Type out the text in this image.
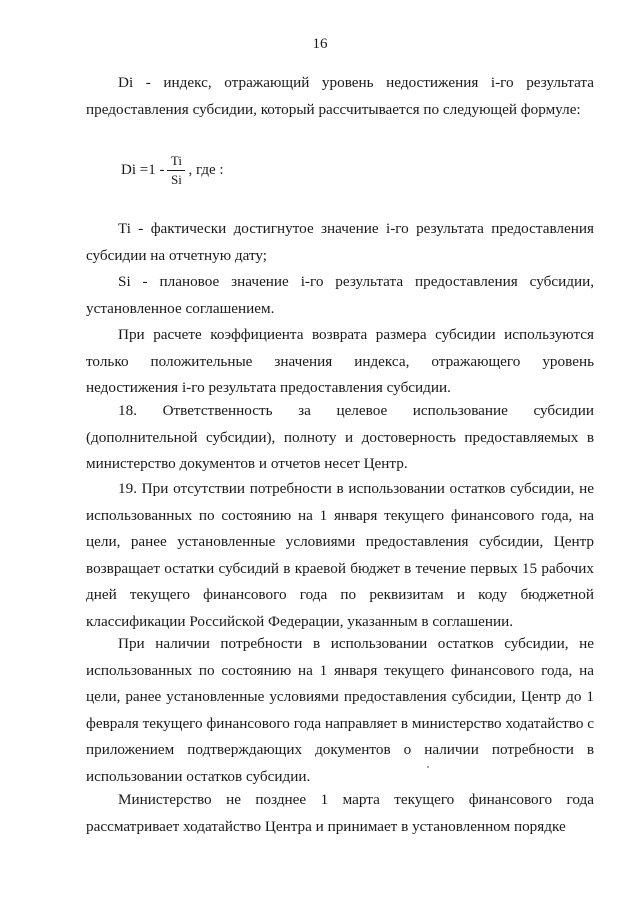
16

Di - индекс, отражающий уровень недостижения i-го результата предоставления субсидии, который рассчитывается по следующей формуле:

$Di =1 - \frac{Ti}{Si}$ , где :

Ti - фактически достигнутое значение i-го результата предоставления субсидии на отчетную дату;

Si - плановое значение i-го результата предоставления субсидии, установленное соглашением.

При расчете коэффициента возврата размера субсидии используются только положительные значения индекса, отражающего уровень недостижения i-го результата предоставления субсидии.

18. Ответственность за целевое использование субсидии (дополнительной субсидии), полноту и достоверность предоставляемых в министерство документов и отчетов несет Центр.

19. При отсутствии потребности в использовании остатков субсидии, не использованных по состоянию на 1 января текущего финансового года, на цели, ранее установленные условиями предоставления субсидии, Центр возвращает остатки субсидий в краевой бюджет в течение первых 15 рабочих дней текущего финансового года по реквизитам и коду бюджетной классификации Российской Федерации, указанным в соглашении.

При наличии потребности в использовании остатков субсидии, не использованных по состоянию на 1 января текущего финансового года, на цели, ранее установленные условиями предоставления субсидии, Центр до 1 февраля текущего финансового года направляет в министерство ходатайство с приложением подтверждающих документов о наличии потребности в использовании остатков субсидии.

Министерство не позднее 1 марта текущего финансового года рассматривает ходатайство Центра и принимает в установленном порядке
